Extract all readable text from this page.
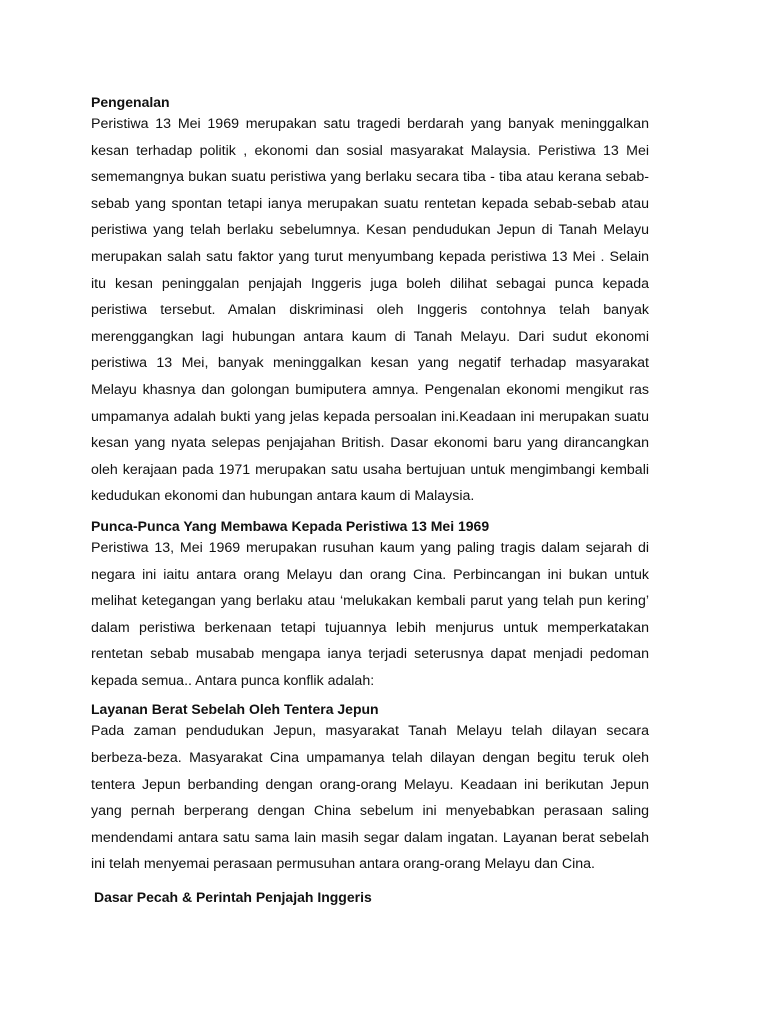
Pengenalan

Peristiwa 13 Mei 1969 merupakan satu tragedi berdarah yang banyak meninggalkan kesan terhadap politik , ekonomi dan sosial masyarakat Malaysia. Peristiwa 13 Mei sememangnya bukan suatu peristiwa yang berlaku secara tiba - tiba atau kerana sebab-sebab yang spontan tetapi ianya merupakan suatu rentetan kepada sebab-sebab atau peristiwa yang telah berlaku sebelumnya. Kesan pendudukan Jepun di Tanah Melayu merupakan salah satu faktor yang turut menyumbang kepada peristiwa 13 Mei . Selain itu kesan peninggalan penjajah Inggeris juga boleh dilihat sebagai punca kepada peristiwa tersebut. Amalan diskriminasi oleh Inggeris contohnya telah banyak merenggangkan lagi hubungan antara kaum di Tanah Melayu. Dari sudut ekonomi peristiwa 13 Mei, banyak meninggalkan kesan yang negatif terhadap masyarakat Melayu khasnya dan golongan bumiputera amnya. Pengenalan ekonomi mengikut ras umpamanya adalah bukti yang jelas kepada persoalan ini.Keadaan ini merupakan suatu kesan yang nyata selepas penjajahan British. Dasar ekonomi baru yang dirancangkan oleh kerajaan pada 1971 merupakan satu usaha bertujuan untuk mengimbangi kembali kedudukan ekonomi dan hubungan antara kaum di Malaysia.

Punca-Punca Yang Membawa Kepada Peristiwa 13 Mei 1969

Peristiwa 13, Mei 1969 merupakan rusuhan kaum yang paling tragis dalam sejarah di negara ini iaitu antara orang Melayu dan orang Cina. Perbincangan ini bukan untuk melihat ketegangan yang berlaku atau ‘melukakan kembali parut yang telah pun kering’ dalam peristiwa berkenaan tetapi tujuannya lebih menjurus untuk memperkatakan rentetan sebab musabab mengapa ianya terjadi seterusnya dapat menjadi pedoman kepada semua.. Antara punca konflik adalah:

Layanan Berat Sebelah Oleh Tentera Jepun

Pada zaman pendudukan Jepun, masyarakat Tanah Melayu telah dilayan secara berbeza-beza. Masyarakat Cina umpamanya telah dilayan dengan begitu teruk oleh tentera Jepun berbanding dengan orang-orang Melayu. Keadaan ini berikutan Jepun yang pernah berperang dengan China sebelum ini menyebabkan perasaan saling mendendami antara satu sama lain masih segar dalam ingatan. Layanan berat sebelah ini telah menyemai perasaan permusuhan antara orang-orang Melayu dan Cina.

Dasar Pecah & Perintah Penjajah Inggeris
